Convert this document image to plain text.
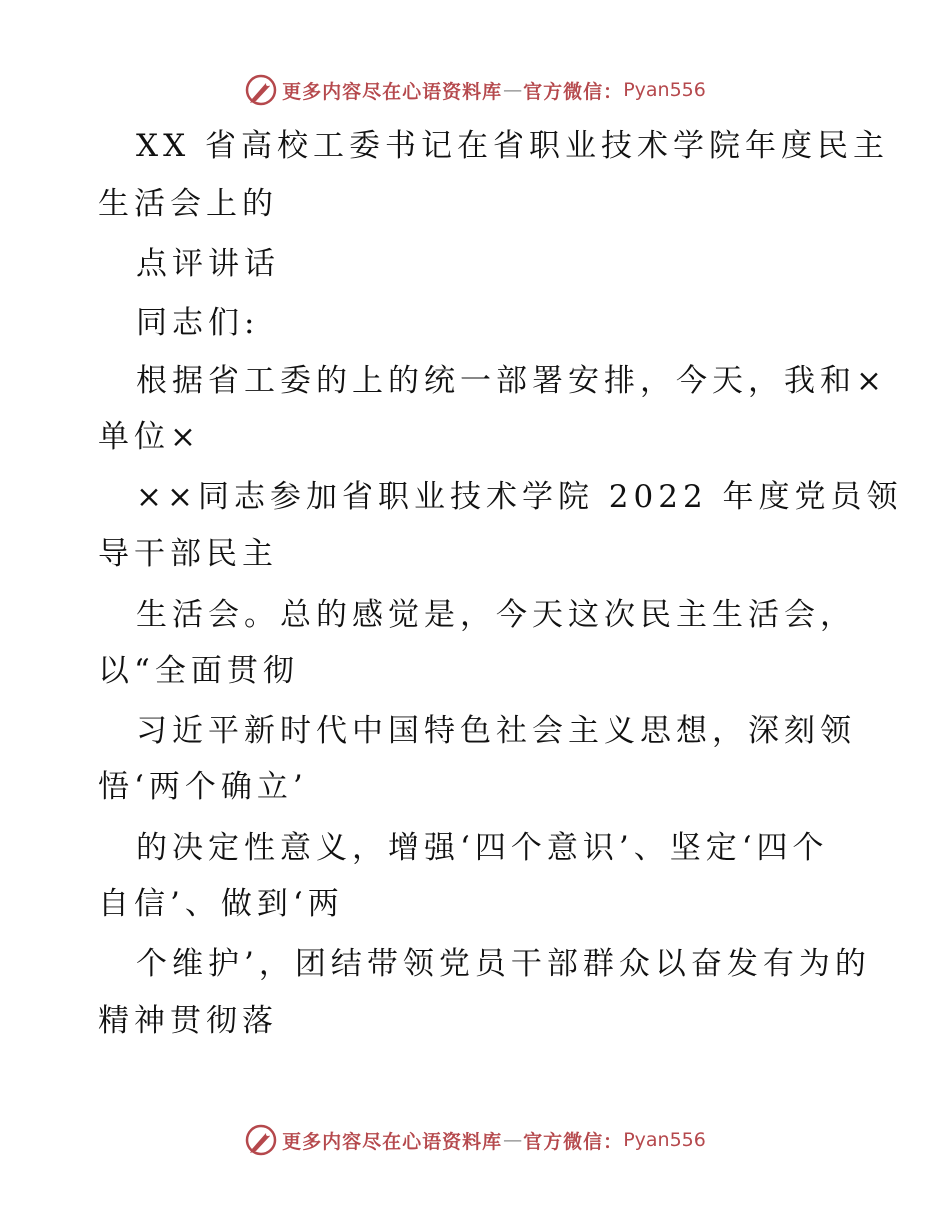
更多内容尽在心语资料库 — 官方微信： Pyan556
XX 省高校工委书记在省职业技术学院年度民主
生活会上的
点评讲话
同志们:
根据省工委的上的统一部署安排，今天，我和×
单位×
××同志参加省职业技术学院 2022 年度党员领
导干部民主
生活会。总的感觉是，今天这次民主生活会，
以“全面贯彻
习近平新时代中国特色社会主义思想，深刻领
悟‘两个确立’
的决定性意义，增强‘四个意识’、坚定‘四个
自信’、做到‘两
个维护’，团结带领党员干部群众以奋发有为的
精神贯彻落
更多内容尽在心语资料库 — 官方微信： Pyan556
